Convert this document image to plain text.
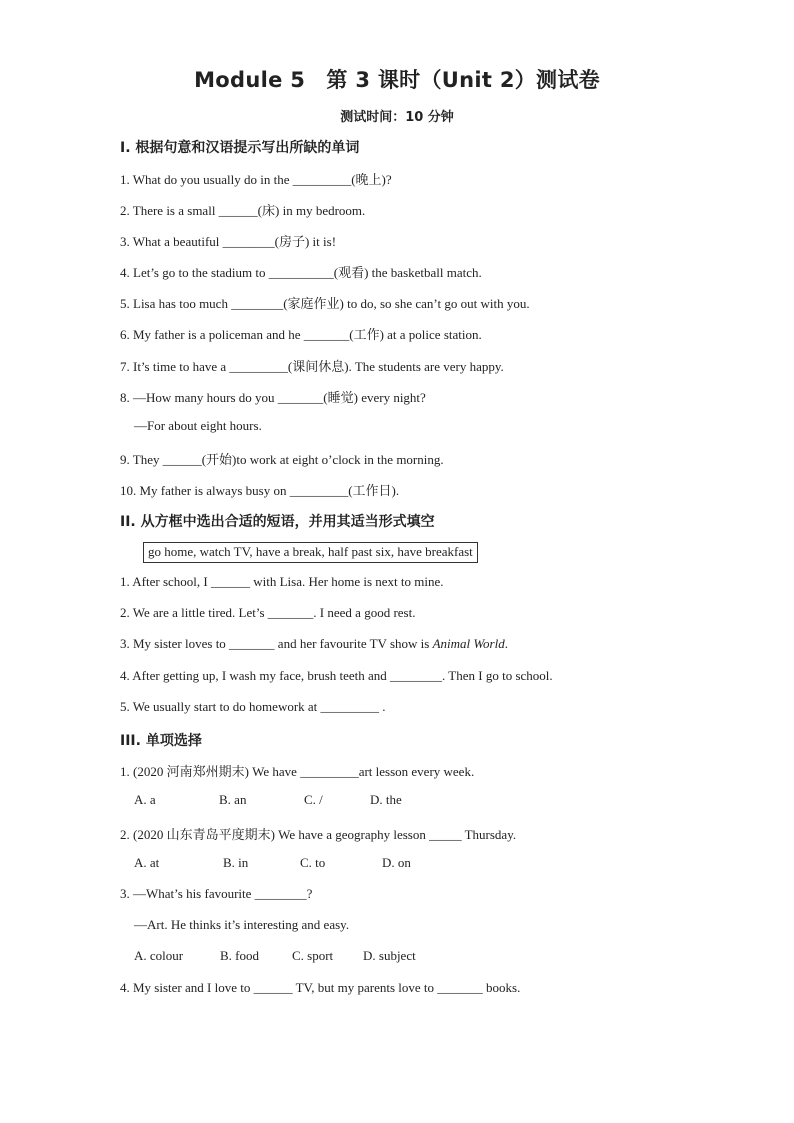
Module 5　第 3 课时（Unit 2）测试卷
测试时间：10 分钟
Ⅰ. 根据句意和汉语提示写出所缺的单词
1. What do you usually do in the _________(晚上)?
2. There is a small ______(床) in my bedroom.
3. What a beautiful ________(房子) it is!
4. Let’s go to the stadium to __________(观看) the basketball match.
5. Lisa has too much ________(家庭作业) to do, so she can’t go out with you.
6. My father is a policeman and he _______(工作) at a police station.
7. It’s time to have a _________(课间休息). The students are very happy.
8. —How many hours do you _______(睡觉) every night?
—For about eight hours.
9. They ______(开始)to work at eight o’clock in the morning.
10. My father is always busy on _________(工作日).
II. 从方框中选出合适的短语，并用其适当形式填空
go home, watch TV, have a break, half past six, have breakfast
1. After school, I ______ with Lisa. Her home is next to mine.
2. We are a little tired. Let’s _______. I need a good rest.
3. My sister loves to _______ and her favourite TV show is Animal World.
4. After getting up, I wash my face, brush teeth and ________. Then I go to school.
5. We usually start to do homework at _________ .
III. 单项选择
1. (2020 河南郑州期末) We have _________art lesson every week.
A. a	B. an	C. /	D. the
2. (2020 山东青岛平度期末) We have a geography lesson _____ Thursday.
A. at	B. in	C. to	D. on
3. —What’s his favourite ________?
—Art. He thinks it’s interesting and easy.
A. colour	B. food	C. sport D. subject
4. My sister and I love to ______ TV, but my parents love to _______ books.
